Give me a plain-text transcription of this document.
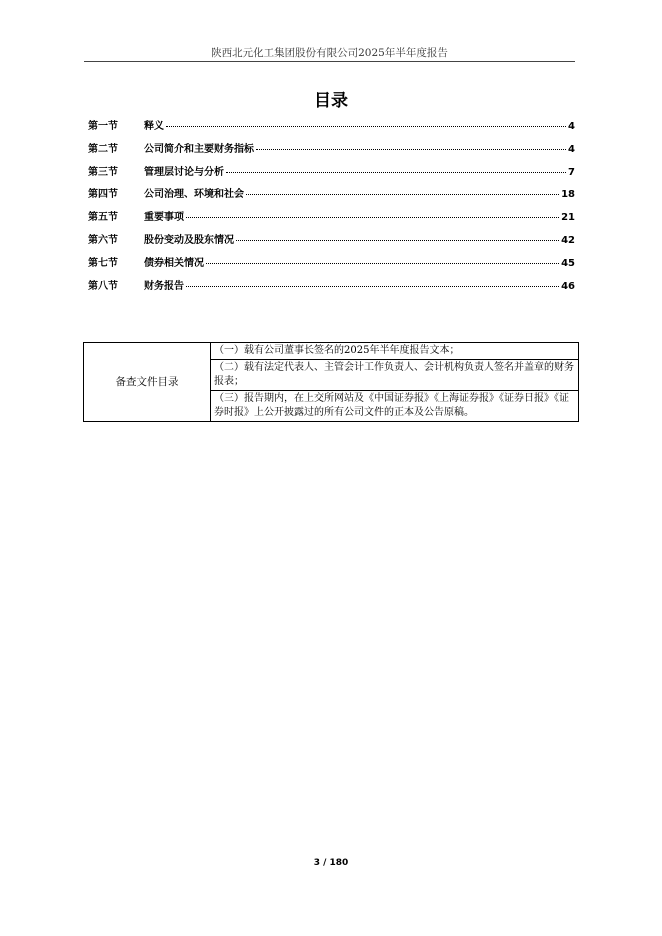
陕西北元化工集团股份有限公司2025年半年度报告
目录
第一节	释义	4
第二节	公司简介和主要财务指标	4
第三节	管理层讨论与分析	7
第四节	公司治理、环境和社会	18
第五节	重要事项	21
第六节	股份变动及股东情况	42
第七节	债券相关情况	45
第八节	财务报告	46
备查文件目录	（一）载有公司董事长签名的2025年半年度报告文本；
（二）载有法定代表人、主管会计工作负责人、会计机构负责人签名并盖章的财务报表；
（三）报告期内，在上交所网站及《中国证券报》《上海证券报》《证券日报》《证券时报》上公开披露过的所有公司文件的正本及公告原稿。
3 / 180
